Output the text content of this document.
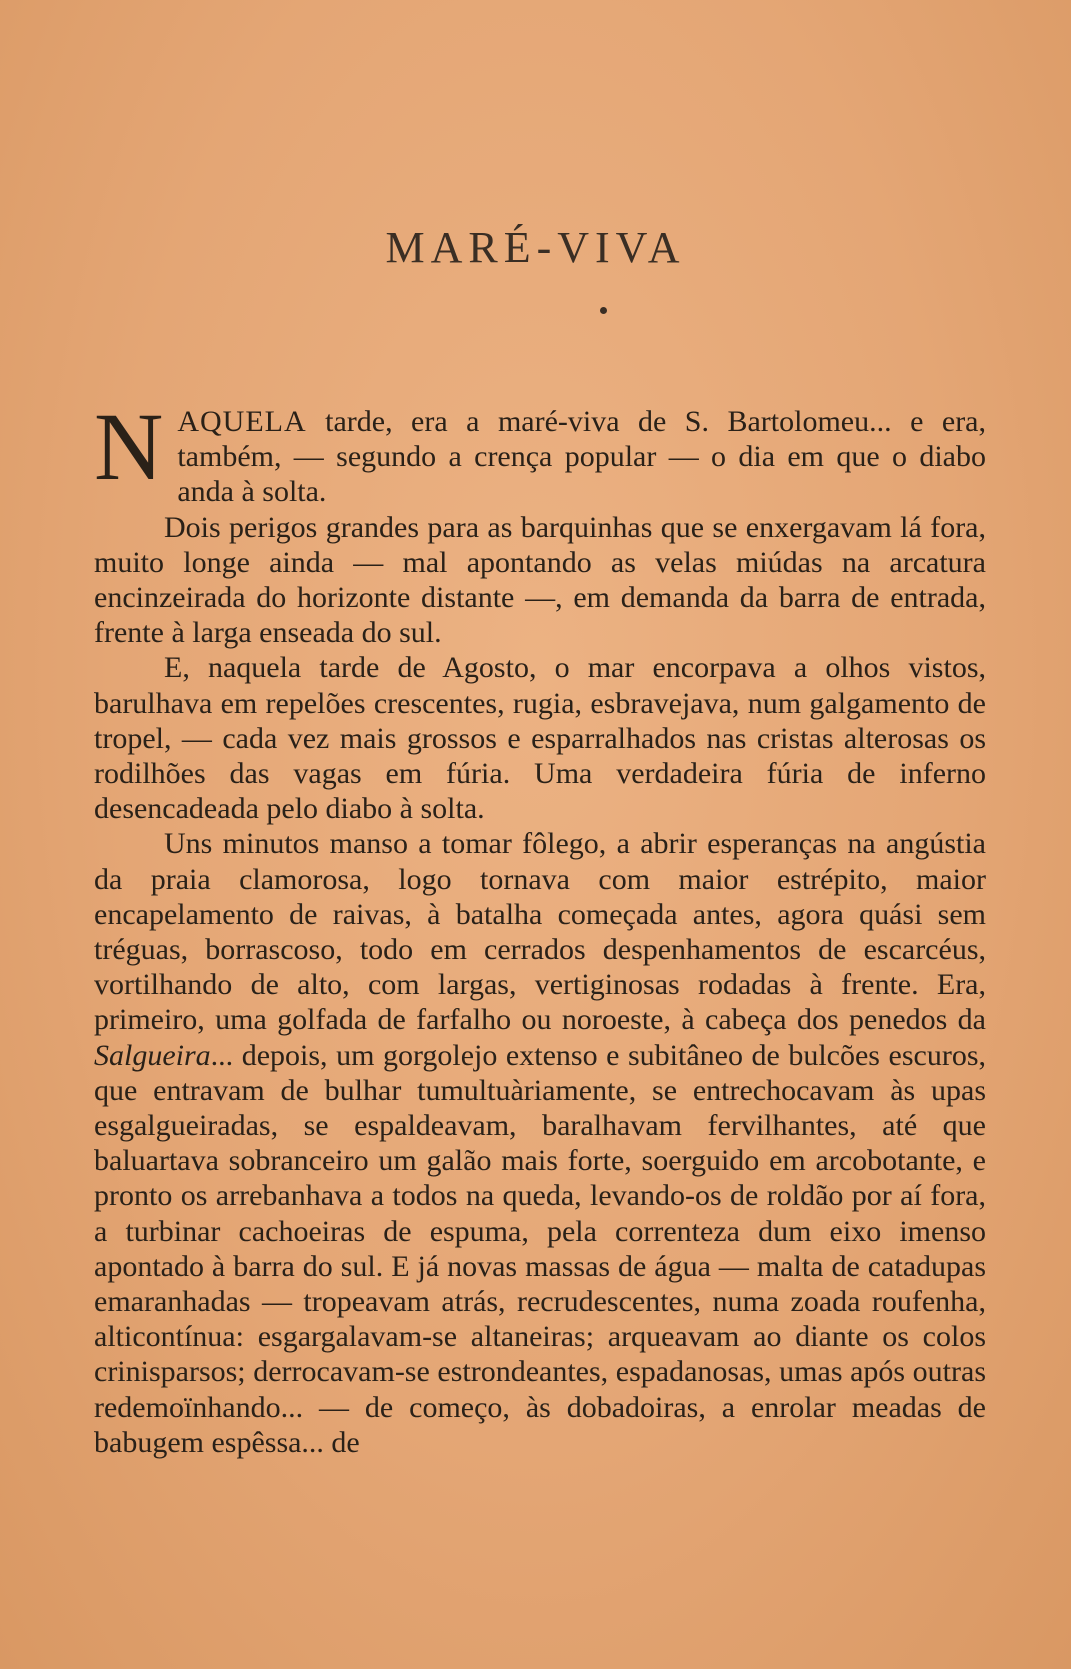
MARÉ-VIVA

NAQUELA tarde, era a maré-viva de S. Bartolomeu... e era, também, — segundo a crença popular — o dia em que o diabo anda à solta.

Dois perigos grandes para as barquinhas que se enxergavam lá fora, muito longe ainda — mal apontando as velas miúdas na arcatura encinzeirada do horizonte distante —, em demanda da barra de entrada, frente à larga enseada do sul.

E, naquela tarde de Agosto, o mar encorpava a olhos vistos, barulhava em repelões crescentes, rugia, esbravejava, num galgamento de tropel, — cada vez mais grossos e esparralhados nas cristas alterosas os rodilhões das vagas em fúria. Uma verdadeira fúria de inferno desencadeada pelo diabo à solta.

Uns minutos manso a tomar fôlego, a abrir esperanças na angústia da praia clamorosa, logo tornava com maior estrépito, maior encapelamento de raivas, à batalha começada antes, agora quási sem tréguas, borrascoso, todo em cerrados despenhamentos de escarcéus, vortilhando de alto, com largas, vertiginosas rodadas à frente. Era, primeiro, uma golfada de farfalho ou noroeste, à cabeça dos penedos da Salgueira... depois, um gorgolejo extenso e subitâneo de bulcões escuros, que entravam de bulhar tumultuàriamente, se entrechocavam às upas esgalgueiradas, se espaldeavam, baralhavam fervilhantes, até que baluartava sobranceiro um galão mais forte, soerguido em arcobotante, e pronto os arrebanhava a todos na queda, levando-os de roldão por aí fora, a turbinar cachoeiras de espuma, pela correnteza dum eixo imenso apontado à barra do sul. E já novas massas de água — malta de catadupas emaranhadas — tropeavam atrás, recrudescentes, numa zoada roufenha, alticontínua: esgargalavam-se altaneiras; arqueavam ao diante os colos crinisparsos; derrocavam-se estrondeantes, espadanosas, umas após outras redemoïnhando... — de começo, às dobadoiras, a enrolar meadas de babugem espêssa... de
